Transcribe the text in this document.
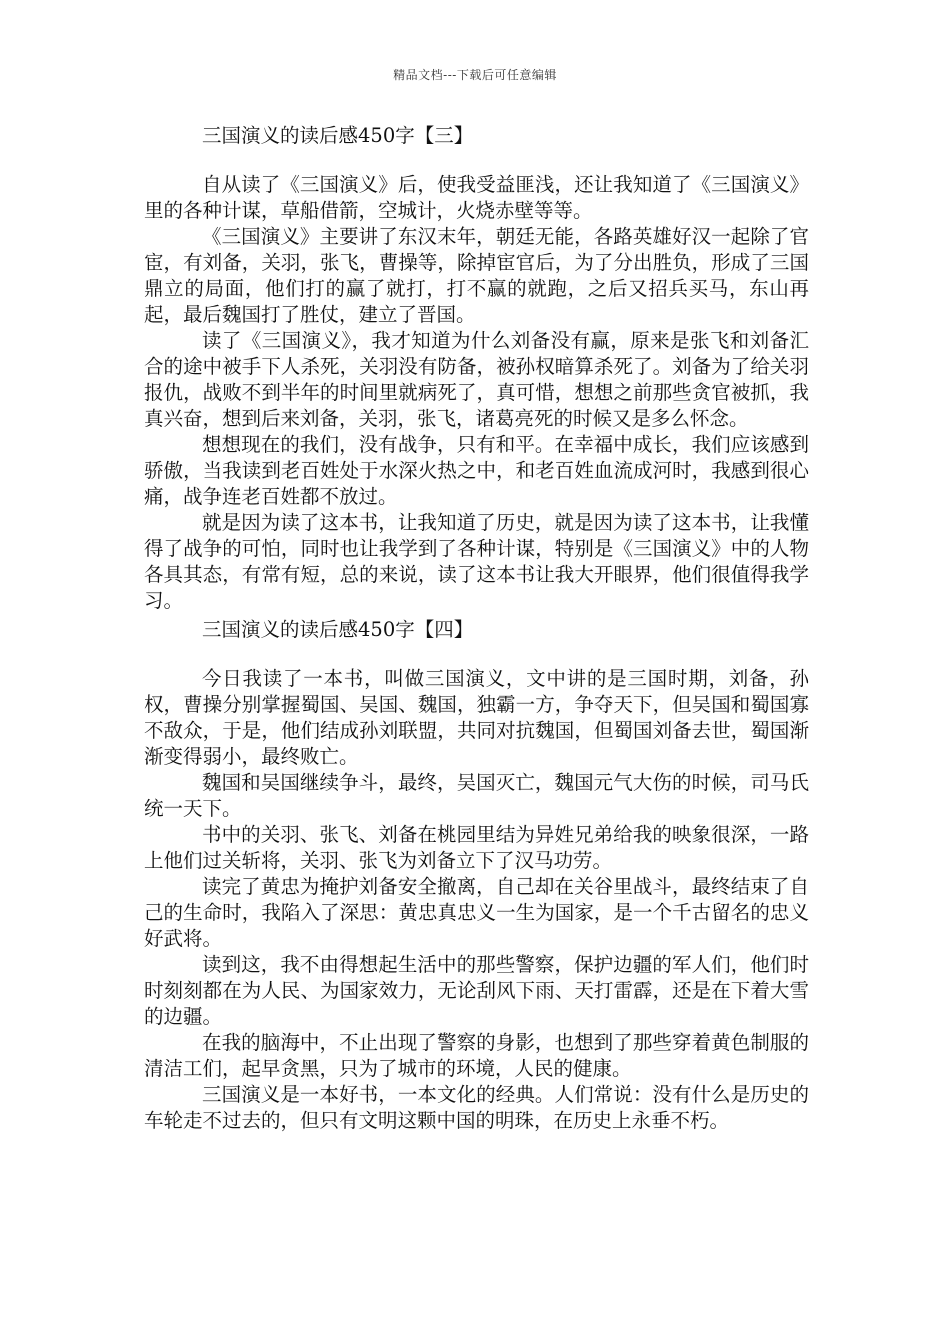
精品文档---下载后可任意编辑
三国演义的读后感450字【三】

自从读了《三国演义》后，使我受益匪浅，还让我知道了《三国演义》里的各种计谋，草船借箭，空城计，火烧赤壁等等。

《三国演义》主要讲了东汉末年，朝廷无能，各路英雄好汉一起除了官宦，有刘备，关羽，张飞，曹操等，除掉宦官后，为了分出胜负，形成了三国鼎立的局面，他们打的赢了就打，打不赢的就跑，之后又招兵买马，东山再起，最后魏国打了胜仗，建立了晋国。

读了《三国演义》，我才知道为什么刘备没有赢，原来是张飞和刘备汇合的途中被手下人杀死，关羽没有防备，被孙权暗算杀死了。刘备为了给关羽报仇，战败不到半年的时间里就病死了，真可惜，想想之前那些贪官被抓，我真兴奋，想到后来刘备，关羽，张飞，诸葛亮死的时候又是多么怀念。

想想现在的我们，没有战争，只有和平。在幸福中成长，我们应该感到骄傲，当我读到老百姓处于水深火热之中，和老百姓血流成河时，我感到很心痛，战争连老百姓都不放过。

就是因为读了这本书，让我知道了历史，就是因为读了这本书，让我懂得了战争的可怕，同时也让我学到了各种计谋，特别是《三国演义》中的人物各具其态，有常有短，总的来说，读了这本书让我大开眼界，他们很值得我学习。

三国演义的读后感450字【四】

今日我读了一本书，叫做三国演义，文中讲的是三国时期，刘备，孙权，曹操分别掌握蜀国、吴国、魏国，独霸一方，争夺天下，但吴国和蜀国寡不敌众，于是，他们结成孙刘联盟，共同对抗魏国，但蜀国刘备去世，蜀国渐渐变得弱小，最终败亡。

魏国和吴国继续争斗，最终，吴国灭亡，魏国元气大伤的时候，司马氏统一天下。

书中的关羽、张飞、刘备在桃园里结为异姓兄弟给我的映象很深，一路上他们过关斩将，关羽、张飞为刘备立下了汉马功劳。

读完了黄忠为掩护刘备安全撤离，自己却在关谷里战斗，最终结束了自己的生命时，我陷入了深思：黄忠真忠义一生为国家，是一个千古留名的忠义好武将。

读到这，我不由得想起生活中的那些警察，保护边疆的军人们，他们时时刻刻都在为人民、为国家效力，无论刮风下雨、天打雷霹，还是在下着大雪的边疆。

在我的脑海中，不止出现了警察的身影，也想到了那些穿着黄色制服的清洁工们，起早贪黑，只为了城市的环境，人民的健康。

三国演义是一本好书，一本文化的经典。人们常说：没有什么是历史的车轮走不过去的，但只有文明这颗中国的明珠，在历史上永垂不朽。
